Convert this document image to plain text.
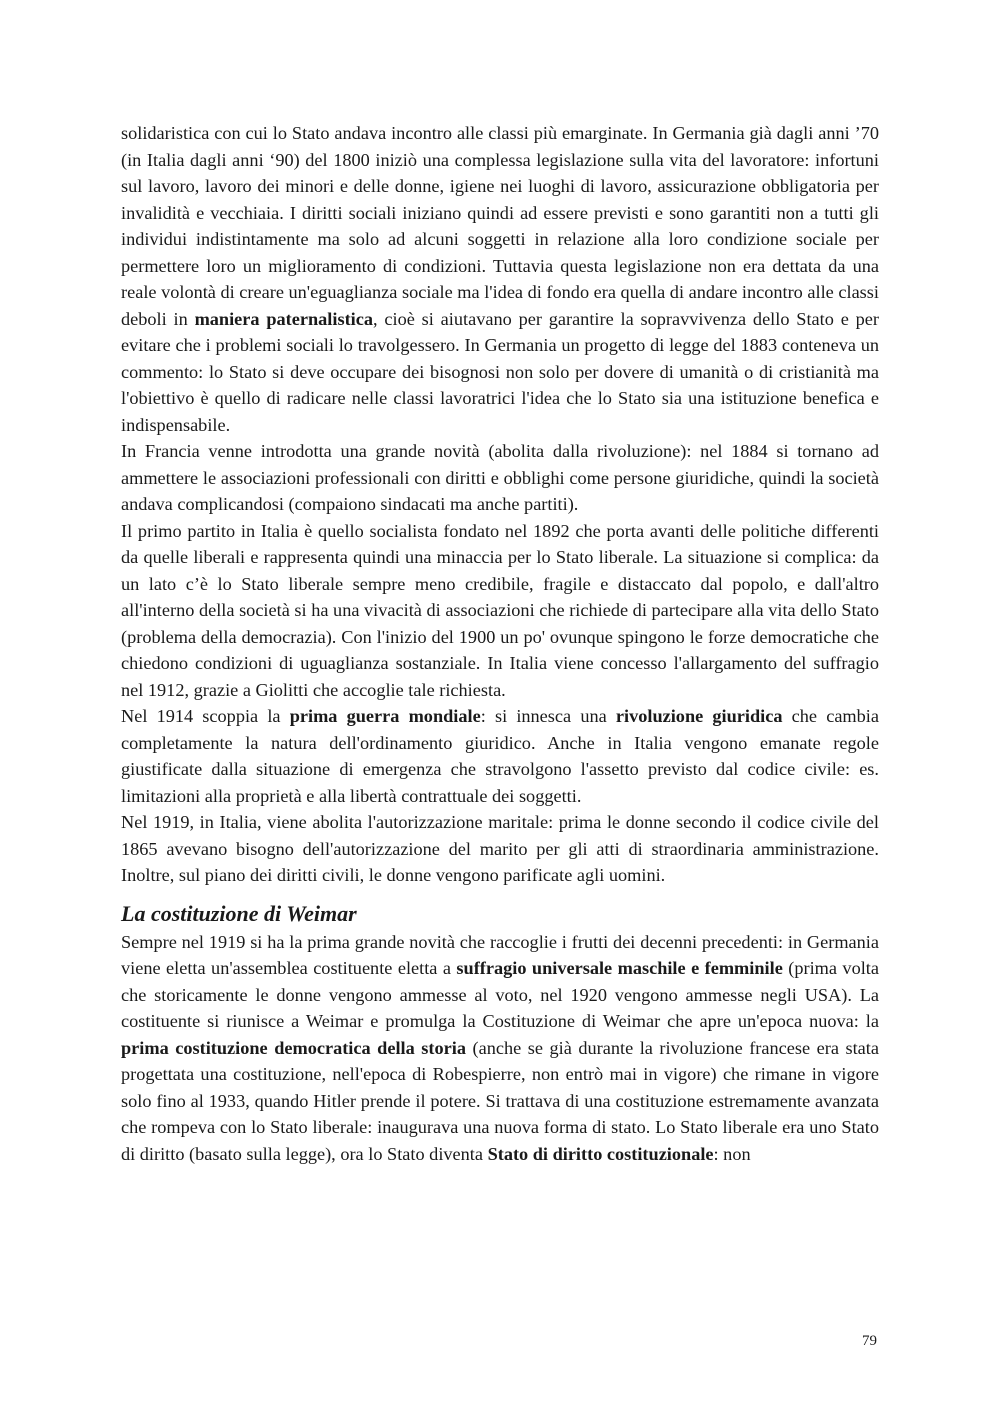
solidaristica con cui lo Stato andava incontro alle classi più emarginate. In Germania già dagli anni ’70 (in Italia dagli anni ‘90) del 1800 iniziò una complessa legislazione sulla vita del lavoratore: infortuni sul lavoro, lavoro dei minori e delle donne, igiene nei luoghi di lavoro, assicurazione obbligatoria per invalidità e vecchiaia. I diritti sociali iniziano quindi ad essere previsti e sono garantiti non a tutti gli individui indistintamente ma solo ad alcuni soggetti in relazione alla loro condizione sociale per permettere loro un miglioramento di condizioni. Tuttavia questa legislazione non era dettata da una reale volontà di creare un'eguaglianza sociale ma l'idea di fondo era quella di andare incontro alle classi deboli in maniera paternalistica, cioè si aiutavano per garantire la sopravvivenza dello Stato e per evitare che i problemi sociali lo travolgessero. In Germania un progetto di legge del 1883 conteneva un commento: lo Stato si deve occupare dei bisognosi non solo per dovere di umanità o di cristianità ma l'obiettivo è quello di radicare nelle classi lavoratrici l'idea che lo Stato sia una istituzione benefica e indispensabile.

In Francia venne introdotta una grande novità (abolita dalla rivoluzione): nel 1884 si tornano ad ammettere le associazioni professionali con diritti e obblighi come persone giuridiche, quindi la società andava complicandosi (compaiono sindacati ma anche partiti).

Il primo partito in Italia è quello socialista fondato nel 1892 che porta avanti delle politiche differenti da quelle liberali e rappresenta quindi una minaccia per lo Stato liberale. La situazione si complica: da un lato c’è lo Stato liberale sempre meno credibile, fragile e distaccato dal popolo, e dall'altro all'interno della società si ha una vivacità di associazioni che richiede di partecipare alla vita dello Stato (problema della democrazia). Con l'inizio del 1900 un po' ovunque spingono le forze democratiche che chiedono condizioni di uguaglianza sostanziale. In Italia viene concesso l'allargamento del suffragio nel 1912, grazie a Giolitti che accoglie tale richiesta.

Nel 1914 scoppia la prima guerra mondiale: si innesca una rivoluzione giuridica che cambia completamente la natura dell'ordinamento giuridico. Anche in Italia vengono emanate regole giustificate dalla situazione di emergenza che stravolgono l'assetto previsto dal codice civile: es. limitazioni alla proprietà e alla libertà contrattuale dei soggetti.

Nel 1919, in Italia, viene abolita l'autorizzazione maritale: prima le donne secondo il codice civile del 1865 avevano bisogno dell'autorizzazione del marito per gli atti di straordinaria amministrazione. Inoltre, sul piano dei diritti civili, le donne vengono parificate agli uomini.

La costituzione di Weimar

Sempre nel 1919 si ha la prima grande novità che raccoglie i frutti dei decenni precedenti: in Germania viene eletta un'assemblea costituente eletta a suffragio universale maschile e femminile (prima volta che storicamente le donne vengono ammesse al voto, nel 1920 vengono ammesse negli USA). La costituente si riunisce a Weimar e promulga la Costituzione di Weimar che apre un'epoca nuova: la prima costituzione democratica della storia (anche se già durante la rivoluzione francese era stata progettata una costituzione, nell'epoca di Robespierre, non entrò mai in vigore) che rimane in vigore solo fino al 1933, quando Hitler prende il potere. Si trattava di una costituzione estremamente avanzata che rompeva con lo Stato liberale: inaugurava una nuova forma di stato. Lo Stato liberale era uno Stato di diritto (basato sulla legge), ora lo Stato diventa Stato di diritto costituzionale: non

79
